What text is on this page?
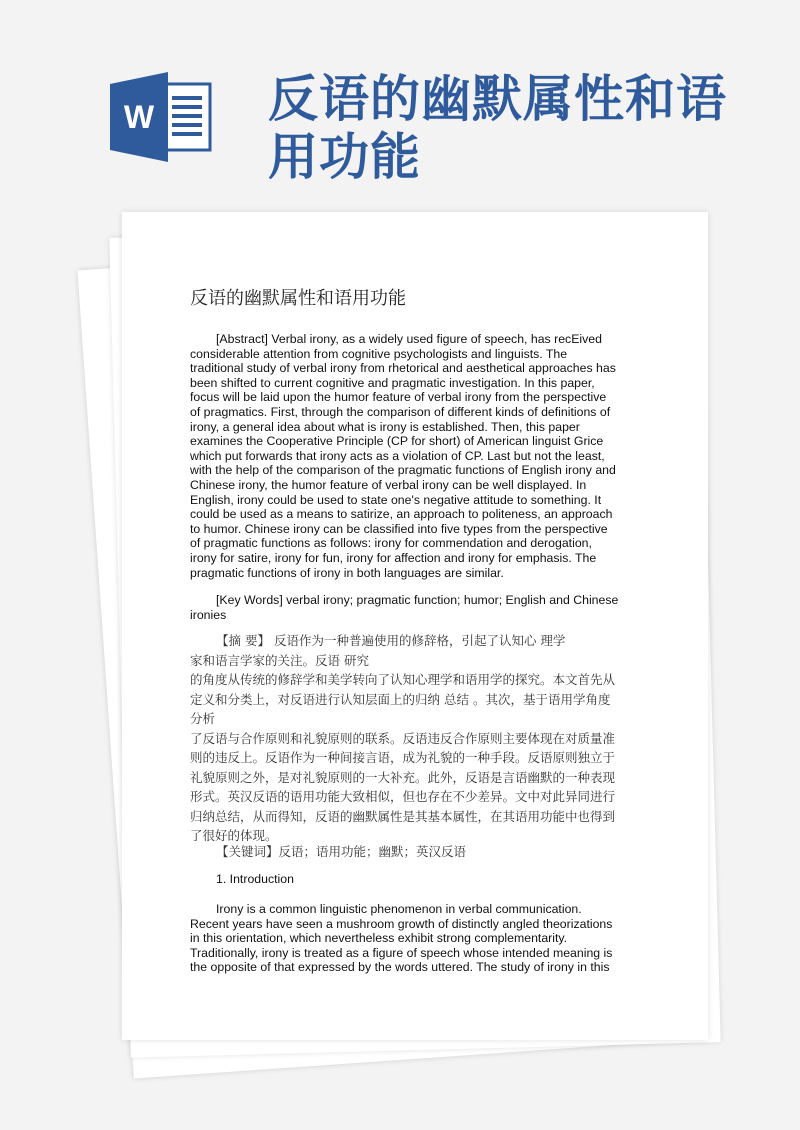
W 反语的幽默属性和语用功能
反语的幽默属性和语用功能
[Abstract] Verbal irony, as a widely used figure of speech, has recEived
considerable attention from cognitive psychologists and linguists. The
traditional study of verbal irony from rhetorical and aesthetical approaches has
been shifted to current cognitive and pragmatic investigation. In this paper,
focus will be laid upon the humor feature of verbal irony from the perspective
of pragmatics. First, through the comparison of different kinds of definitions of
irony, a general idea about what is irony is established. Then, this paper
examines the Cooperative Principle (CP for short) of American linguist Grice
which put forwards that irony acts as a violation of CP. Last but not the least,
with the help of the comparison of the pragmatic functions of English irony and
Chinese irony, the humor feature of verbal irony can be well displayed. In
English, irony could be used to state one's negative attitude to something. It
could be used as a means to satirize, an approach to politeness, an approach
to humor. Chinese irony can be classified into five types from the perspective
of pragmatic functions as follows: irony for commendation and derogation,
irony for satire, irony for fun, irony for affection and irony for emphasis. The
pragmatic functions of irony in both languages are similar.
[Key Words] verbal irony; pragmatic function; humor; English and Chinese
ironies
【摘 要】 反语作为一种普遍使用的修辞格，引起了认知心 理学
家和语言学家的关注。反语 研究
的角度从传统的修辞学和美学转向了认知心理学和语用学的探究。本文首先从
定义和分类上，对反语进行认知层面上的归纳 总结 。其次，基于语用学角度
分析
了反语与合作原则和礼貌原则的联系。反语违反合作原则主要体现在对质量准
则的违反上。反语作为一种间接言语，成为礼貌的一种手段。反语原则独立于
礼貌原则之外，是对礼貌原则的一大补充。此外，反语是言语幽默的一种表现
形式。英汉反语的语用功能大致相似，但也存在不少差异。文中对此异同进行
归纳总结，从而得知，反语的幽默属性是其基本属性，在其语用功能中也得到
了很好的体现。
【关键词】反语；语用功能；幽默；英汉反语
1. Introduction
Irony is a common linguistic phenomenon in verbal communication.
Recent years have seen a mushroom growth of distinctly angled theorizations
in this orientation, which nevertheless exhibit strong complementarity.
Traditionally, irony is treated as a figure of speech whose intended meaning is
the opposite of that expressed by the words uttered. The study of irony in this
